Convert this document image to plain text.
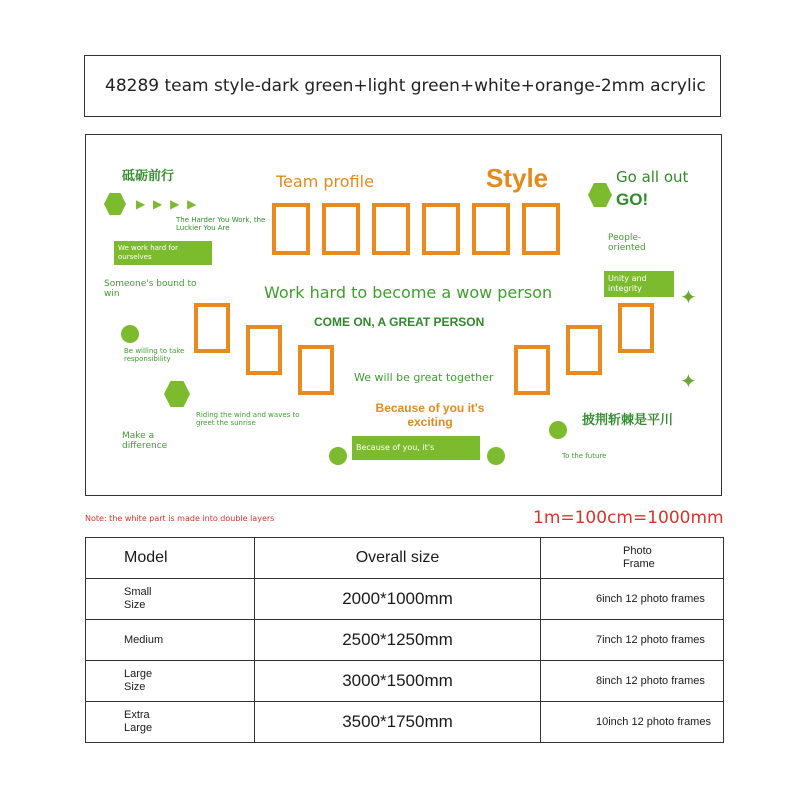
48289 team style-dark green+light green+white+orange-2mm acrylic
砥砺前行
▶ ▶ ▶ ▶
The Harder You Work, the Luckier You Are
We work hard for ourselves
Someone's bound to win
Be willing to take responsibility
Riding the wind and waves to greet the sunrise
Make a difference
Team profile	Style
Work hard to become a wow person
COME ON, A GREAT PERSON
We will be great together
Because of you it's exciting
Because of you, it's wonderful
Go all out
GO!
People-oriented
Unity and integrity	✦
✦
披荆斩棘是平川
To the future
Note: the white part is made into double layers	1m=100cm=1000mm
Model	Overall size	Photo Frame
Small Size	2000*1000mm	6inch 12 photo frames
Medium	2500*1250mm	7inch 12 photo frames
Large Size	3000*1500mm	8inch 12 photo frames
Extra Large	3500*1750mm	10inch 12 photo frames
